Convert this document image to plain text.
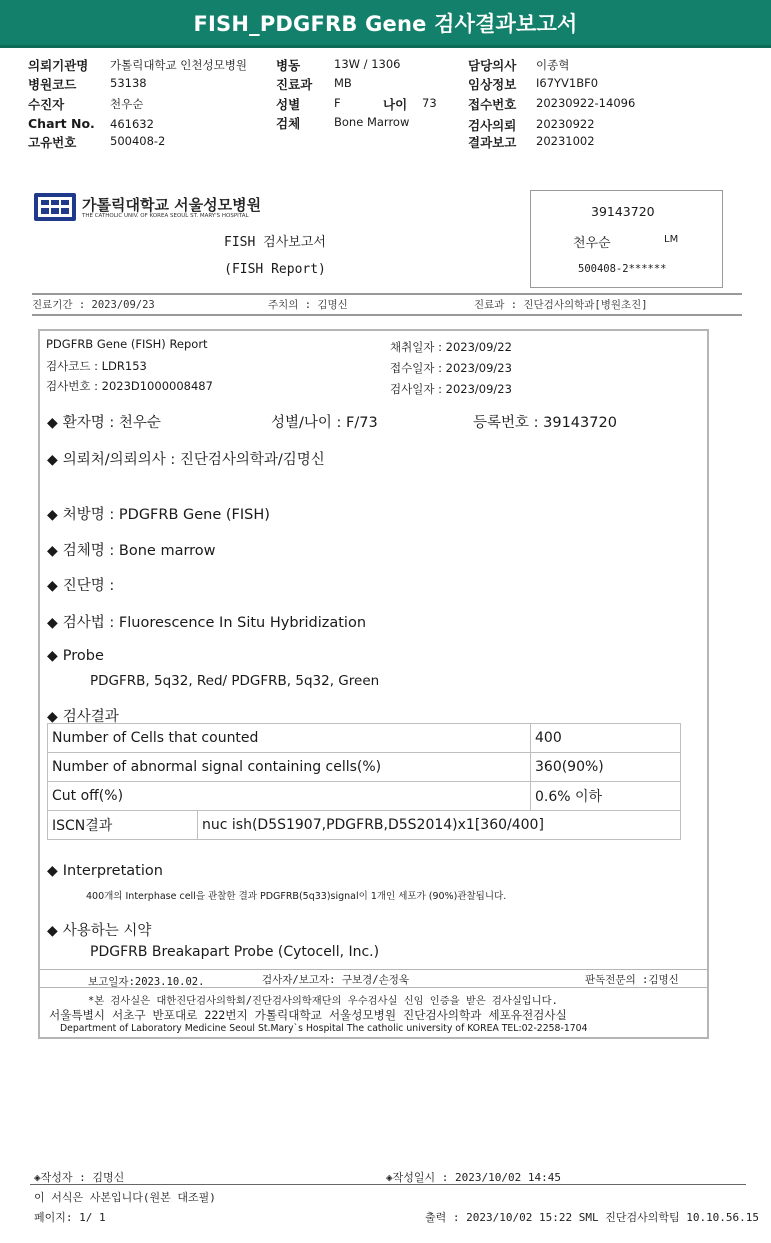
FISH_PDGFRB Gene 검사결과보고서
의뢰기관명 가톨릭대학교 인천성모병원
병원코드	53138
수진자	천우순
Chart No. 461632
고유번호	500408-2
병동	13W / 1306
진료과 MB
성별	F	나이 73
검체	Bone Marrow
담당의사 이종혁
임상정보 I67YV1BF0
접수번호 20230922-14096
검사의뢰 20230922
결과보고 20231002
가톨릭대학교 서울성모병원
THE CATHOLIC UNIV. OF KOREA SEOUL ST. MARY'S HOSPITAL
FISH 검사보고서
(FISH Report)
39143720
천우순	LM
500408-2******
진료기간 : 2023/09/23	주치의 : 김명신	진료과 : 진단검사의학과[병원초진]
PDGFRB Gene (FISH) Report
검사코드 : LDR153
검사번호 : 2023D1000008487
채취일자 : 2023/09/22
접수일자 : 2023/09/23
검사일자 : 2023/09/23
◆ 환자명 : 천우순	성별/나이 : F/73	등록번호 : 39143720
◆ 의뢰처/의뢰의사 : 진단검사의학과/김명신
◆ 처방명 : PDGFRB Gene (FISH)
◆ 검체명 : Bone marrow
◆ 진단명 :
◆ 검사법 : Fluorescence In Situ Hybridization
◆ Probe
PDGFRB, 5q32, Red/ PDGFRB, 5q32, Green
◆ 검사결과
Number of Cells that counted		400
Number of abnormal signal containing cells(%)		360(90%)
Cut off(%)		0.6% 이하
ISCN결과	nuc ish(D5S1907,PDGFRB,D5S2014)x1[360/400]	
◆ Interpretation
400개의 Interphase cell을 관찰한 결과 PDGFRB(5q33)signal이 1개인 세포가 (90%)관찰됩니다.
◆ 사용하는 시약
PDGFRB Breakapart Probe (Cytocell, Inc.)
보고일자:2023.10.02.	검사자/보고자: 구보경/손정욱	판독전문의 :김명신
*본 검사실은 대한진단검사의학회/진단검사의학재단의 우수검사실 신임 인증을 받은 검사실입니다.
서울특별시 서초구 반포대로 222번지 가톨릭대학교 서울성모병원 진단검사의학과 세포유전검사실
Department of Laboratory Medicine Seoul St.Mary`s Hospital The catholic university of KOREA TEL:02-2258-1704
◈작성자 : 김명신	◈작성일시 : 2023/10/02 14:45
이 서식은 사본입니다(원본 대조필)
페이지: 1/ 1	출력 : 2023/10/02 15:22 SML 진단검사의학팀 10.10.56.15
